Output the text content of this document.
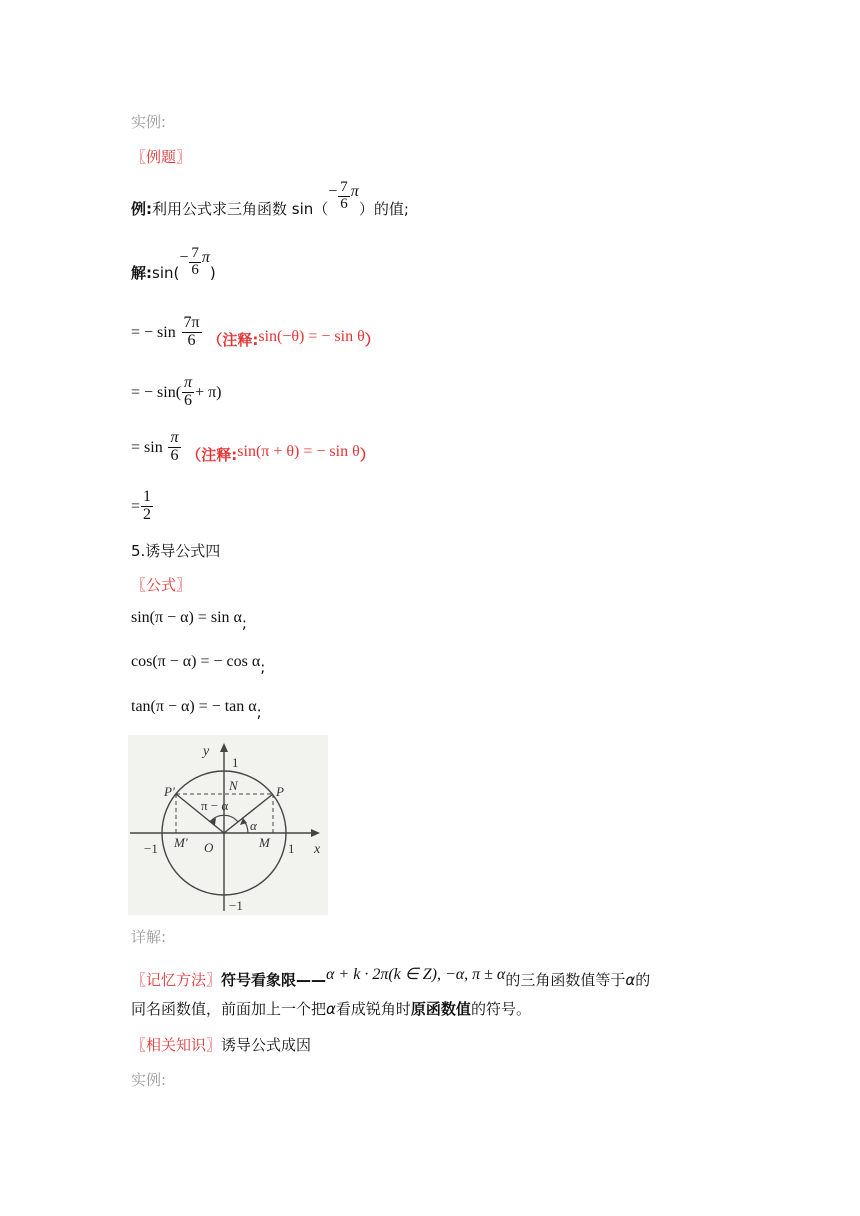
实例:
〖例题〗
例:利用公式求三角函数 $\sin(- \frac{7}{6} \pi)$的值;
解:sin(− $\frac{7}{6} \pi$)
= − $\sin \frac{7\pi}{6}$ （注释:sin(−θ) = − sin θ）
= − $\sin( \frac{\pi}{6} + \pi)$
= $\sin \frac{\pi}{6}$ （注释:sin(π + θ) = − sin θ）
= $\frac{1}{2}$
5.诱导公式四
〖公式〗
sin(π − α) = sin α;
cos(π − α) = − cos α;
tan(π − α) = − tan α;
y
x
1
−1
−1	1
O
P
P′	N
M
M′
α
π − α
详解:
〖记忆方法〗符号看象限——α + k · 2π(k ∈ Z), −α, π ± α的三角函数值等于α的
同名函数值，前面加上一个把α看成锐角时原函数值的符号。
〖相关知识〗诱导公式成因
实例:
